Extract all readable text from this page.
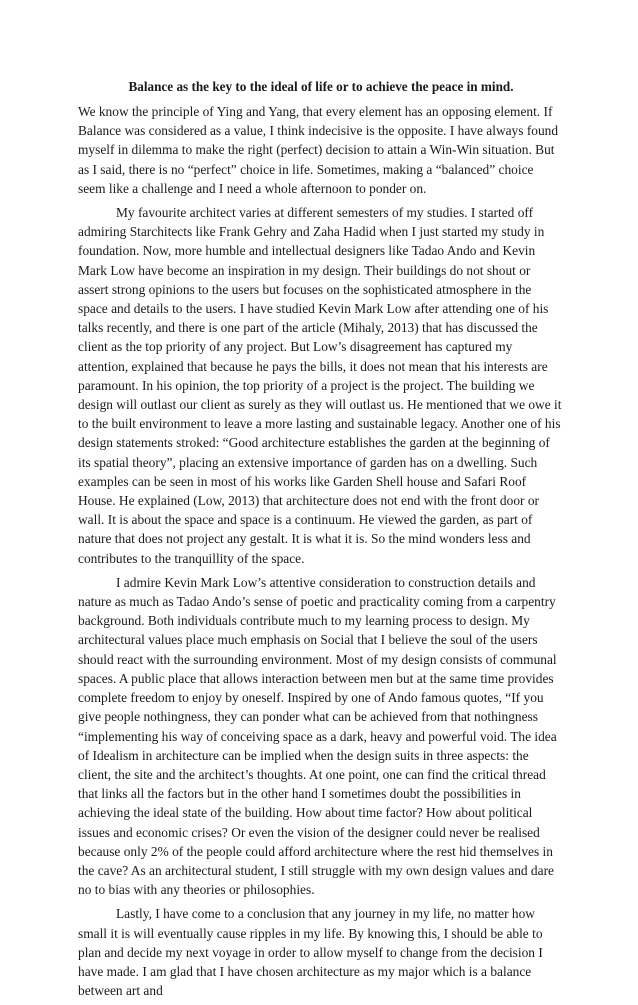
Balance as the key to the ideal of life or to achieve the peace in mind.

We know the principle of Ying and Yang, that every element has an opposing element. If Balance was considered as a value, I think indecisive is the opposite. I have always found myself in dilemma to make the right (perfect) decision to attain a Win-Win situation. But as I said, there is no “perfect” choice in life. Sometimes, making a “balanced” choice seem like a challenge and I need a whole afternoon to ponder on.

My favourite architect varies at different semesters of my studies. I started off admiring Starchitects like Frank Gehry and Zaha Hadid when I just started my study in foundation. Now, more humble and intellectual designers like Tadao Ando and Kevin Mark Low have become an inspiration in my design. Their buildings do not shout or assert strong opinions to the users but focuses on the sophisticated atmosphere in the space and details to the users. I have studied Kevin Mark Low after attending one of his talks recently, and there is one part of the article (Mihaly, 2013) that has discussed the client as the top priority of any project. But Low’s disagreement has captured my attention, explained that because he pays the bills, it does not mean that his interests are paramount. In his opinion, the top priority of a project is the project. The building we design will outlast our client as surely as they will outlast us. He mentioned that we owe it to the built environment to leave a more lasting and sustainable legacy. Another one of his design statements stroked: “Good architecture establishes the garden at the beginning of its spatial theory”, placing an extensive importance of garden has on a dwelling. Such examples can be seen in most of his works like Garden Shell house and Safari Roof House. He explained (Low, 2013) that architecture does not end with the front door or wall. It is about the space and space is a continuum. He viewed the garden, as part of nature that does not project any gestalt. It is what it is. So the mind wonders less and contributes to the tranquillity of the space.

I admire Kevin Mark Low’s attentive consideration to construction details and nature as much as Tadao Ando’s sense of poetic and practicality coming from a carpentry background. Both individuals contribute much to my learning process to design. My architectural values place much emphasis on Social that I believe the soul of the users should react with the surrounding environment. Most of my design consists of communal spaces. A public place that allows interaction between men but at the same time provides complete freedom to enjoy by oneself. Inspired by one of Ando famous quotes, “If you give people nothingness, they can ponder what can be achieved from that nothingness “implementing his way of conceiving space as a dark, heavy and powerful void. The idea of Idealism in architecture can be implied when the design suits in three aspects: the client, the site and the architect’s thoughts. At one point, one can find the critical thread that links all the factors but in the other hand I sometimes doubt the possibilities in achieving the ideal state of the building. How about time factor? How about political issues and economic crises? Or even the vision of the designer could never be realised because only 2% of the people could afford architecture where the rest hid themselves in the cave? As an architectural student, I still struggle with my own design values and dare no to bias with any theories or philosophies.

Lastly, I have come to a conclusion that any journey in my life, no matter how small it is will eventually cause ripples in my life. By knowing this, I should be able to plan and decide my next voyage in order to allow myself to change from the decision I have made. I am glad that I have chosen architecture as my major which is a balance between art and
